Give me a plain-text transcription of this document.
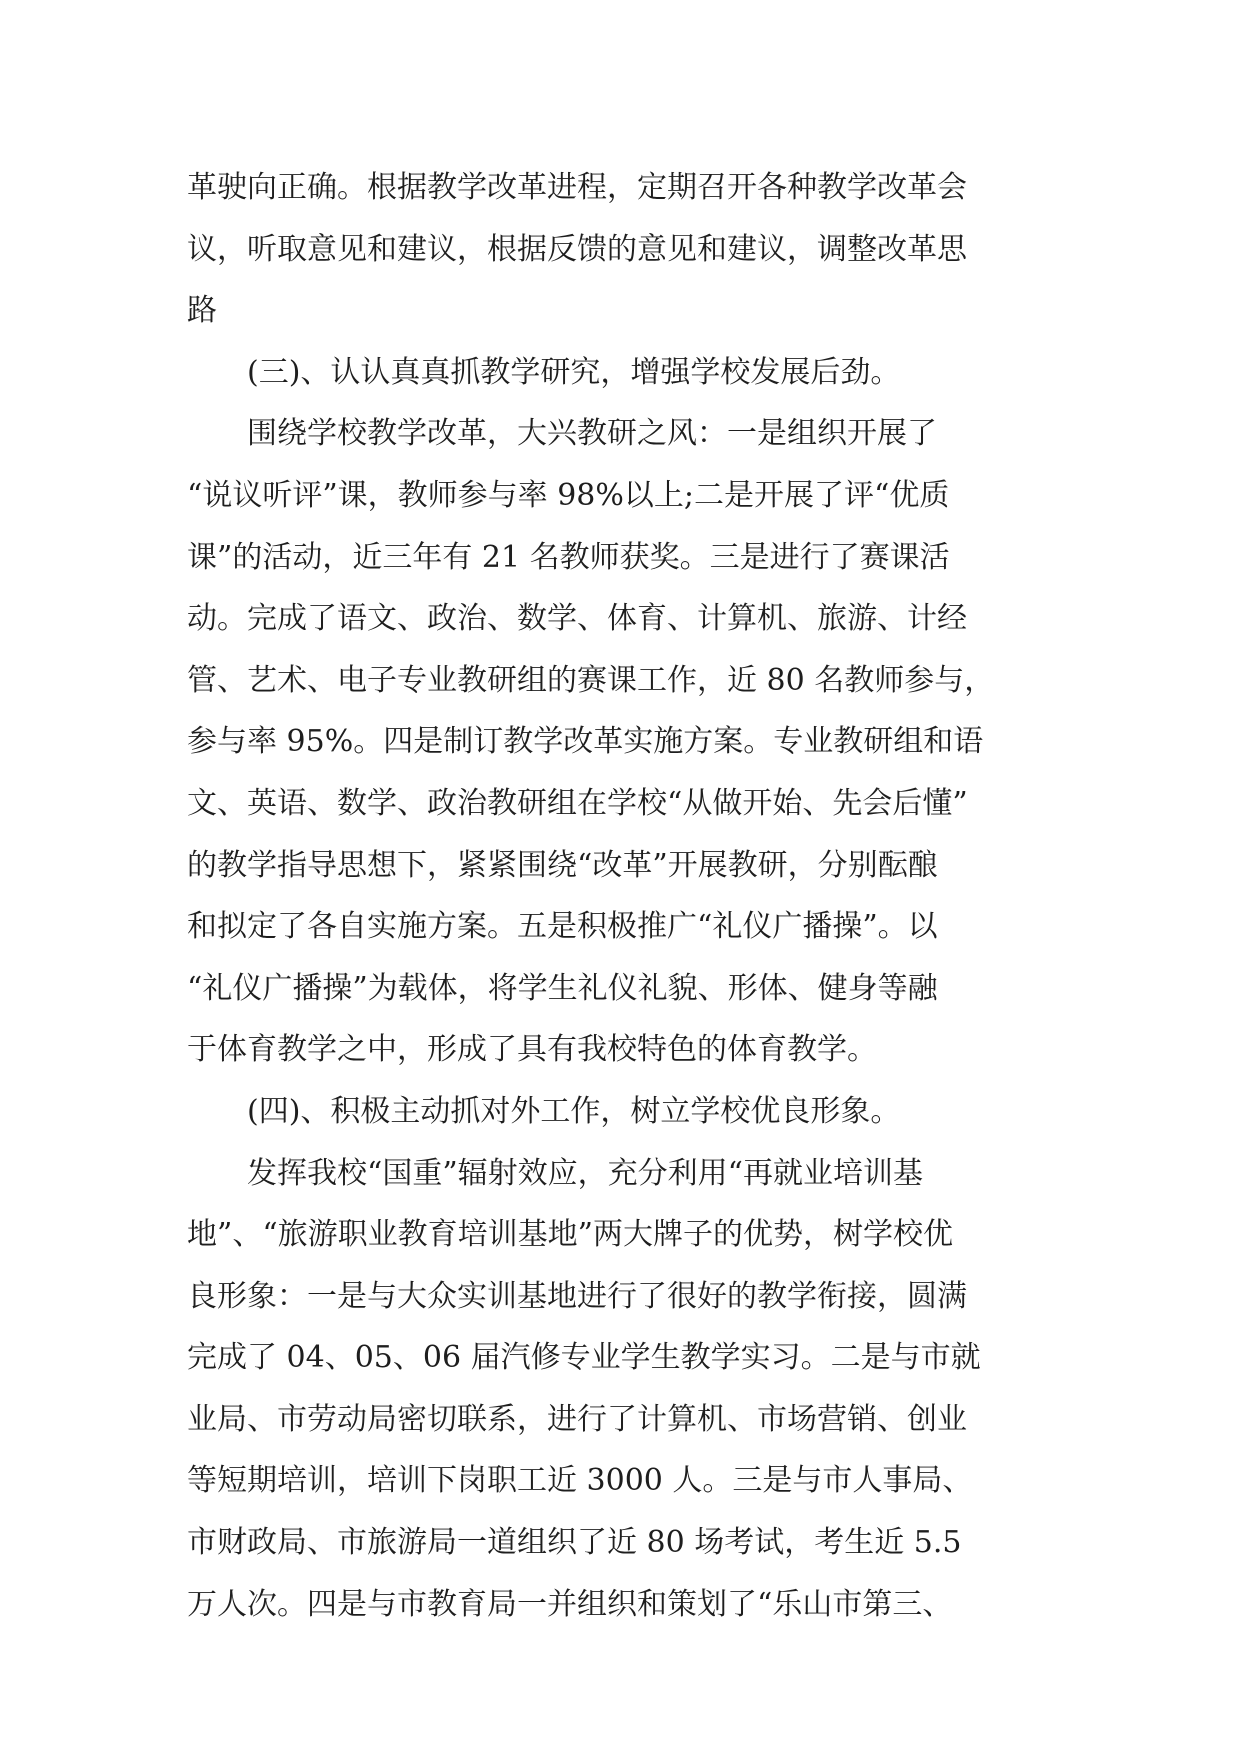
革驶向正确。根据教学改革进程，定期召开各种教学改革会
议，听取意见和建议，根据反馈的意见和建议，调整改革思
路
(三)、认认真真抓教学研究，增强学校发展后劲。
围绕学校教学改革，大兴教研之风：一是组织开展了
“说议听评”课，教师参与率 98%以上;二是开展了评“优质
课”的活动，近三年有 21 名教师获奖。三是进行了赛课活
动。完成了语文、政治、数学、体育、计算机、旅游、计经
管、艺术、电子专业教研组的赛课工作，近 80 名教师参与，
参与率 95%。四是制订教学改革实施方案。专业教研组和语
文、英语、数学、政治教研组在学校“从做开始、先会后懂”
的教学指导思想下，紧紧围绕“改革”开展教研，分别酝酿
和拟定了各自实施方案。五是积极推广“礼仪广播操”。以
“礼仪广播操”为载体，将学生礼仪礼貌、形体、健身等融
于体育教学之中，形成了具有我校特色的体育教学。
(四)、积极主动抓对外工作，树立学校优良形象。
发挥我校“国重”辐射效应，充分利用“再就业培训基
地”、“旅游职业教育培训基地”两大牌子的优势，树学校优
良形象：一是与大众实训基地进行了很好的教学衔接，圆满
完成了 04、05、06 届汽修专业学生教学实习。二是与市就
业局、市劳动局密切联系，进行了计算机、市场营销、创业
等短期培训，培训下岗职工近 3000 人。三是与市人事局、
市财政局、市旅游局一道组织了近 80 场考试，考生近 5.5
万人次。四是与市教育局一并组织和策划了“乐山市第三、
